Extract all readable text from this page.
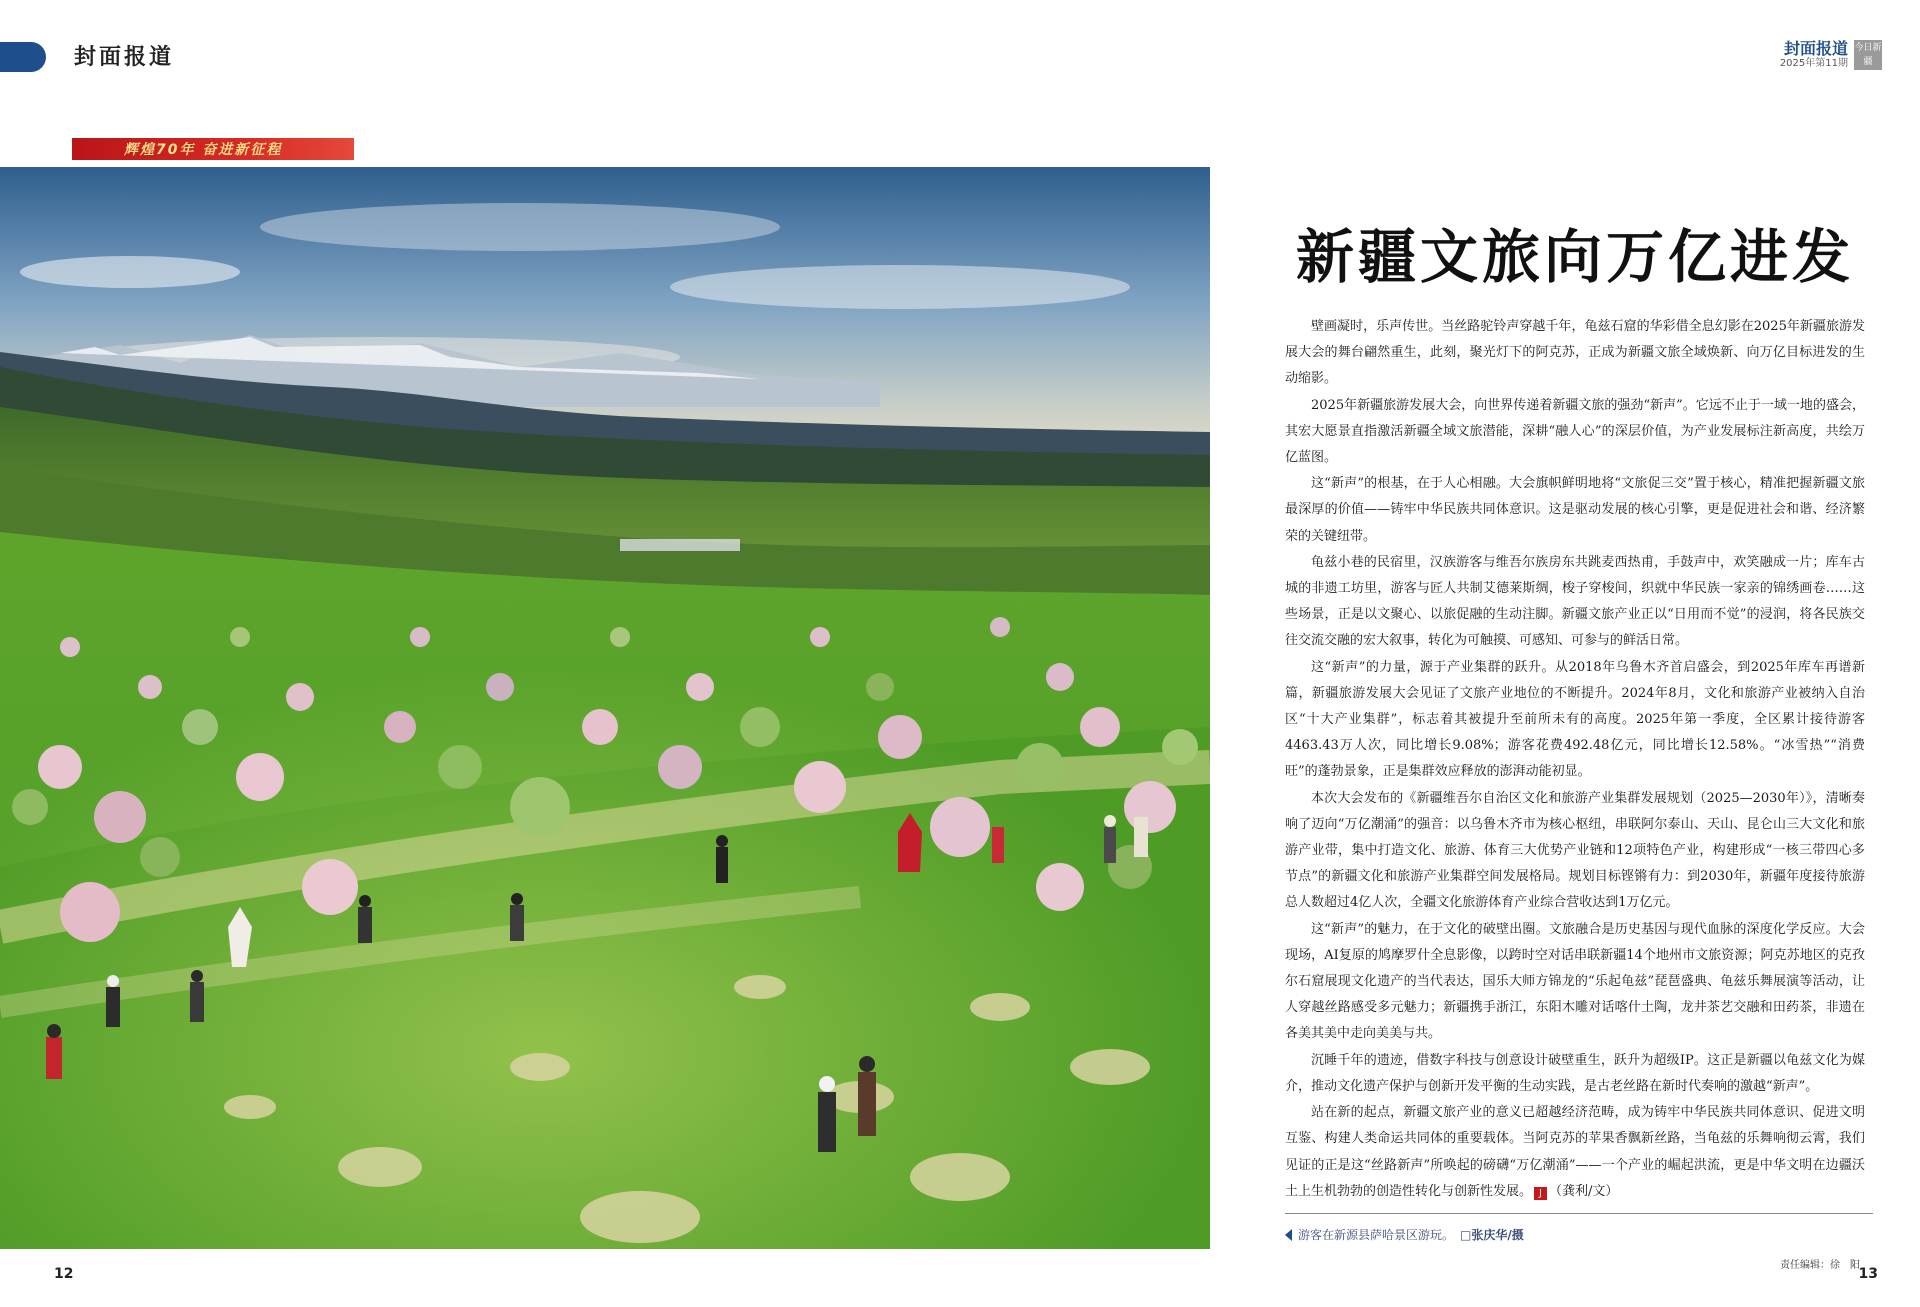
封面报道	封面报道
2025年第11期
今日新疆
辉煌70年 奋进新征程
新疆文旅向万亿进发

壁画凝时，乐声传世。当丝路驼铃声穿越千年，龟兹石窟的华彩借全息幻影在2025年新疆旅游发展大会的舞台翩然重生，此刻，聚光灯下的阿克苏，正成为新疆文旅全域焕新、向万亿目标进发的生动缩影。

2025年新疆旅游发展大会，向世界传递着新疆文旅的强劲“新声”。它远不止于一域一地的盛会，其宏大愿景直指激活新疆全域文旅潜能，深耕“融人心”的深层价值，为产业发展标注新高度，共绘万亿蓝图。

这“新声”的根基，在于人心相融。大会旗帜鲜明地将“文旅促三交”置于核心，精准把握新疆文旅最深厚的价值——铸牢中华民族共同体意识。这是驱动发展的核心引擎，更是促进社会和谐、经济繁荣的关键纽带。

龟兹小巷的民宿里，汉族游客与维吾尔族房东共跳麦西热甫，手鼓声中，欢笑融成一片；库车古城的非遗工坊里，游客与匠人共制艾德莱斯绸，梭子穿梭间，织就中华民族一家亲的锦绣画卷……这些场景，正是以文聚心、以旅促融的生动注脚。新疆文旅产业正以“日用而不觉”的浸润，将各民族交往交流交融的宏大叙事，转化为可触摸、可感知、可参与的鲜活日常。

这“新声”的力量，源于产业集群的跃升。从2018年乌鲁木齐首启盛会，到2025年库车再谱新篇，新疆旅游发展大会见证了文旅产业地位的不断提升。2024年8月，文化和旅游产业被纳入自治区“十大产业集群”，标志着其被提升至前所未有的高度。2025年第一季度，全区累计接待游客4463.43万人次，同比增长9.08%；游客花费492.48亿元，同比增长12.58%。“冰雪热”“消费旺”的蓬勃景象，正是集群效应释放的澎湃动能初显。

本次大会发布的《新疆维吾尔自治区文化和旅游产业集群发展规划（2025—2030年）》，清晰奏响了迈向“万亿潮涌”的强音：以乌鲁木齐市为核心枢纽，串联阿尔泰山、天山、昆仑山三大文化和旅游产业带，集中打造文化、旅游、体育三大优势产业链和12项特色产业，构建形成“一核三带四心多节点”的新疆文化和旅游产业集群空间发展格局。规划目标铿锵有力：到2030年，新疆年度接待旅游总人数超过4亿人次，全疆文化旅游体育产业综合营收达到1万亿元。

这“新声”的魅力，在于文化的破壁出圈。文旅融合是历史基因与现代血脉的深度化学反应。大会现场，AI复原的鸠摩罗什全息影像，以跨时空对话串联新疆14个地州市文旅资源；阿克苏地区的克孜尔石窟展现文化遗产的当代表达，国乐大师方锦龙的“乐起龟兹”琵琶盛典、龟兹乐舞展演等活动，让人穿越丝路感受多元魅力；新疆携手浙江，东阳木雕对话喀什土陶，龙井茶艺交融和田药茶，非遗在各美其美中走向美美与共。

沉睡千年的遗迹，借数字科技与创意设计破壁重生，跃升为超级IP。这正是新疆以龟兹文化为媒介，推动文化遗产保护与创新开发平衡的生动实践，是古老丝路在新时代奏响的激越“新声”。

站在新的起点，新疆文旅产业的意义已超越经济范畴，成为铸牢中华民族共同体意识、促进文明互鉴、构建人类命运共同体的重要载体。当阿克苏的苹果香飘新丝路，当龟兹的乐舞响彻云霄，我们见证的正是这“丝路新声”所唤起的磅礴“万亿潮涌”——一个产业的崛起洪流，更是中华文明在边疆沃土上生机勃勃的创造性转化与创新性发展。 J （龚利/文）

游客在新源县萨哈景区游玩。 □张庆华/摄
责任编辑：徐　阳
12	13
